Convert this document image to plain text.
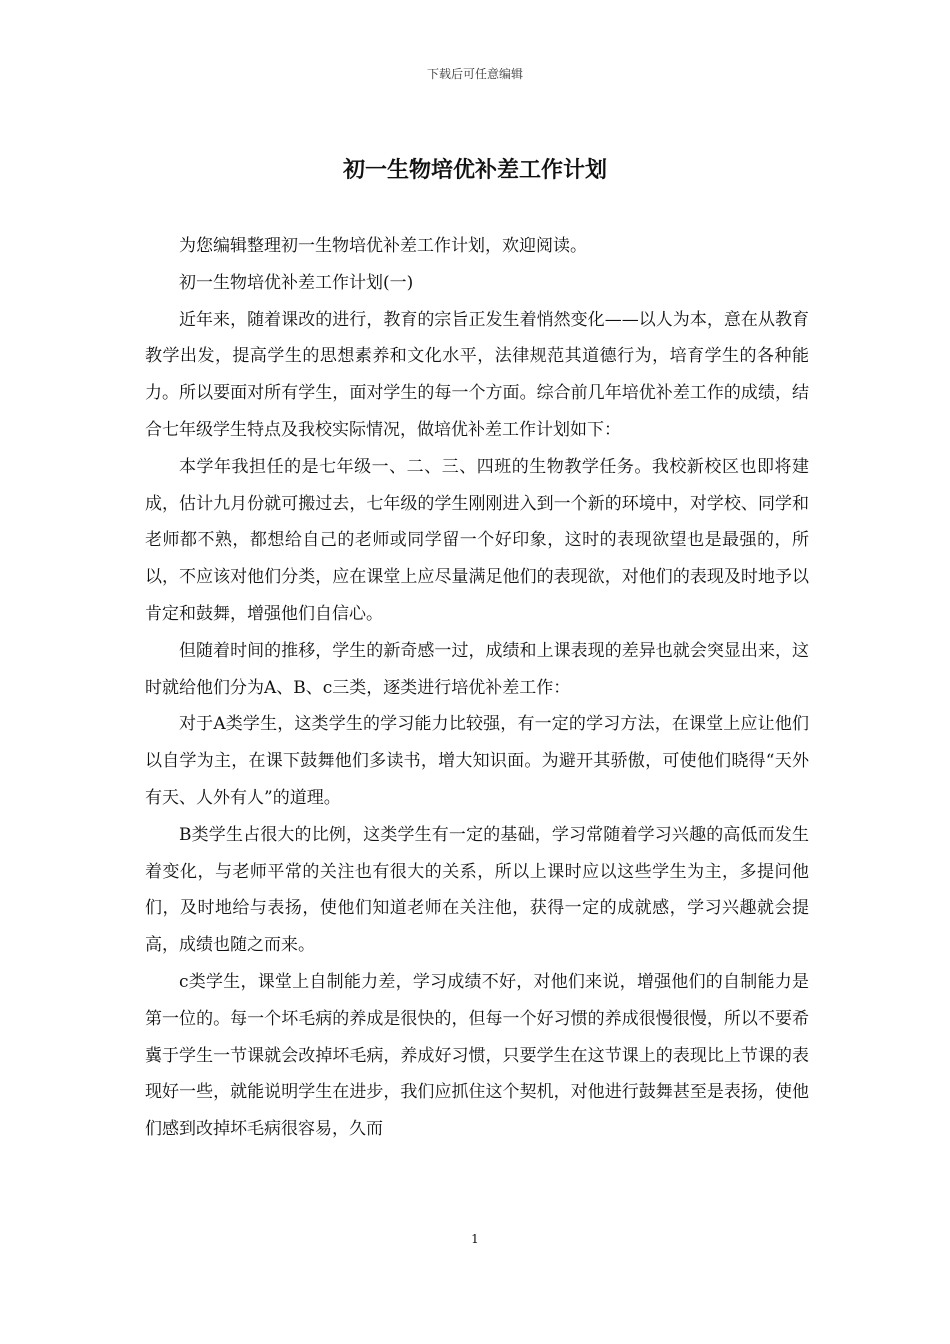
下载后可任意编辑
初一生物培优补差工作计划

为您编辑整理初一生物培优补差工作计划，欢迎阅读。

初一生物培优补差工作计划(一)

近年来，随着课改的进行，教育的宗旨正发生着悄然变化——以人为本，意在从教育教学出发，提高学生的思想素养和文化水平，法律规范其道德行为，培育学生的各种能力。所以要面对所有学生，面对学生的每一个方面。综合前几年培优补差工作的成绩，结合七年级学生特点及我校实际情况，做培优补差工作计划如下：

本学年我担任的是七年级一、二、三、四班的生物教学任务。我校新校区也即将建成，估计九月份就可搬过去，七年级的学生刚刚进入到一个新的环境中，对学校、同学和老师都不熟，都想给自己的老师或同学留一个好印象，这时的表现欲望也是最强的，所以，不应该对他们分类，应在课堂上应尽量满足他们的表现欲，对他们的表现及时地予以肯定和鼓舞，增强他们自信心。

但随着时间的推移，学生的新奇感一过，成绩和上课表现的差异也就会突显出来，这时就给他们分为A、B、c三类，逐类进行培优补差工作：

对于A类学生，这类学生的学习能力比较强，有一定的学习方法，在课堂上应让他们以自学为主，在课下鼓舞他们多读书，增大知识面。为避开其骄傲，可使他们晓得“天外有天、人外有人”的道理。

B类学生占很大的比例，这类学生有一定的基础，学习常随着学习兴趣的高低而发生着变化，与老师平常的关注也有很大的关系，所以上课时应以这些学生为主，多提问他们，及时地给与表扬，使他们知道老师在关注他，获得一定的成就感，学习兴趣就会提高，成绩也随之而来。

c类学生，课堂上自制能力差，学习成绩不好，对他们来说，增强他们的自制能力是第一位的。每一个坏毛病的养成是很快的，但每一个好习惯的养成很慢很慢，所以不要希冀于学生一节课就会改掉坏毛病，养成好习惯，只要学生在这节课上的表现比上节课的表现好一些，就能说明学生在进步，我们应抓住这个契机，对他进行鼓舞甚至是表扬，使他们感到改掉坏毛病很容易，久而

1
